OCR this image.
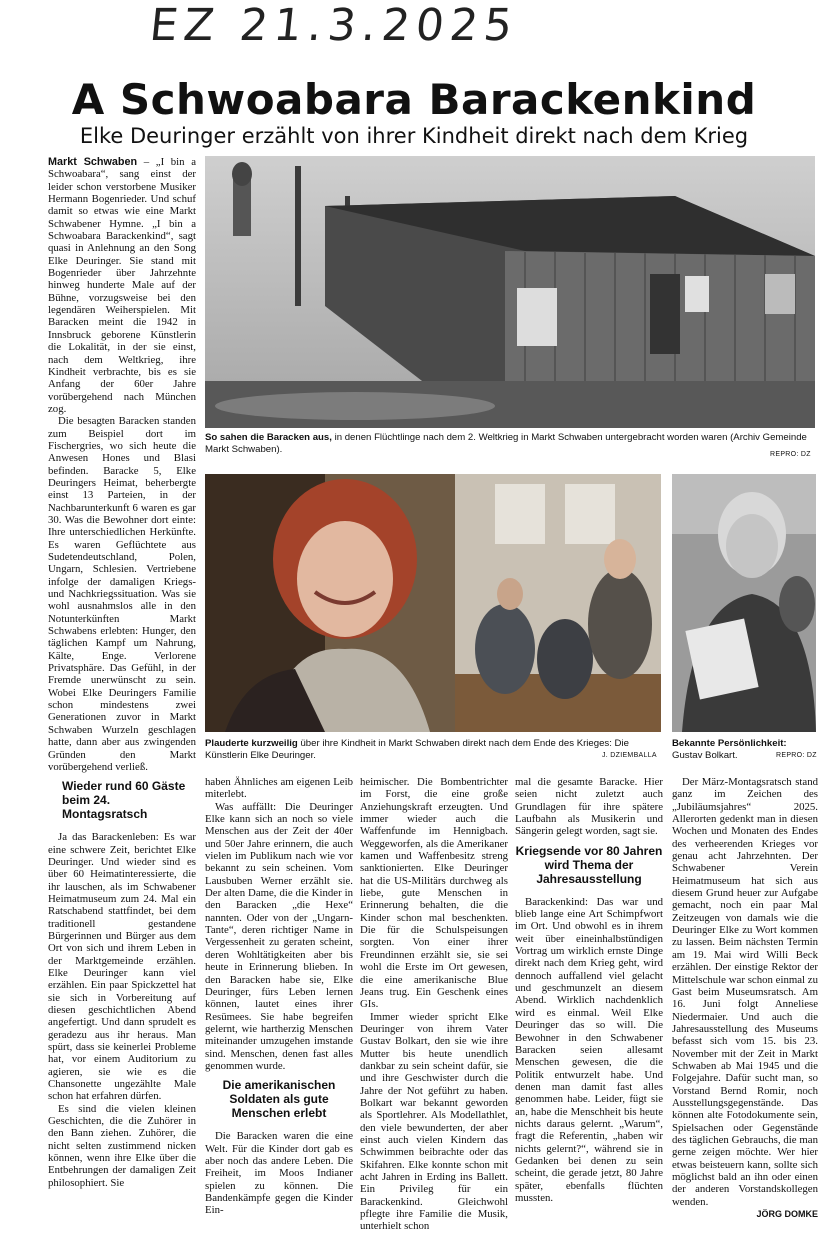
EZ 21.3.2025
A Schwoabara Barackenkind
Elke Deuringer erzählt von ihrer Kindheit direkt nach dem Krieg

Markt Schwaben – „I bin a Schwoabara“, sang einst der leider schon verstorbene Musiker Hermann Bogenrieder. Und schuf damit so etwas wie eine Markt Schwabener Hymne. „I bin a Schwoabara Barackenkind“, sagt quasi in Anlehnung an den Song Elke Deuringer. Sie stand mit Bogenrieder über Jahrzehnte hinweg hunderte Male auf der Bühne, vorzugsweise bei den legendären Weiherspielen. Mit Baracken meint die 1942 in Innsbruck geborene Künstlerin die Lokalität, in der sie einst, nach dem Weltkrieg, ihre Kindheit verbrachte, bis es sie Anfang der 60er Jahre vorübergehend nach München zog.

Die besagten Baracken standen zum Beispiel dort im Fischergries, wo sich heute die Anwesen Hones und Blasi befinden. Baracke 5, Elke Deuringers Heimat, beherbergte einst 13 Parteien, in der Nachbarunterkunft 6 waren es gar 30. Was die Bewohner dort einte: Ihre unterschiedlichen Herkünfte. Es waren Geflüchtete aus Sudetendeutschland, Polen, Ungarn, Schlesien. Vertriebene infolge der damaligen Kriegs- und Nachkriegssituation. Was sie wohl ausnahmslos alle in den Notunterkünften Markt Schwabens erlebten: Hunger, den täglichen Kampf um Nahrung, Kälte, Enge. Verlorene Privatsphäre. Das Gefühl, in der Fremde unerwünscht zu sein. Wobei Elke Deuringers Familie schon mindestens zwei Generationen zuvor in Markt Schwaben Wurzeln geschlagen hatte, dann aber aus zwingenden Gründen den Markt vorübergehend verließ.

Wieder rund 60 Gäste beim 24. Montagsratsch

Ja das Barackenleben: Es war eine schwere Zeit, berichtet Elke Deuringer. Und wieder sind es über 60 Heimatinteressierte, die ihr lauschen, als im Schwabener Heimatmuseum zum 24. Mal ein Ratschabend stattfindet, bei dem traditionell gestandene Bürgerinnen und Bürger aus dem Ort von sich und ihrem Leben in der Marktgemeinde erzählen. Elke Deuringer kann viel erzählen. Ein paar Spickzettel hat sie sich in Vorbereitung auf diesen geschichtlichen Abend angefertigt. Und dann sprudelt es geradezu aus ihr heraus. Man spürt, dass sie keinerlei Probleme hat, vor einem Auditorium zu agieren, sie wie es die Chansonette ungezählte Male schon hat erfahren dürfen.

Es sind die vielen kleinen Geschichten, die die Zuhörer in den Bann ziehen. Zuhörer, die nicht selten zustimmend nicken können, wenn ihre Elke über die Entbehrungen der damaligen Zeit philosophiert. Sie

So sahen die Baracken aus, in denen Flüchtlinge nach dem 2. Weltkrieg in Markt Schwaben untergebracht worden waren (Archiv Gemeinde Markt Schwaben).	REPRO: DZ
Plauderte kurzweilig über ihre Kindheit in Markt Schwaben direkt nach dem Ende des Krieges: Die Künstlerin Elke Deuringer.	J. DZIEMBALLA
Bekannte Persönlichkeit: Gustav Bolkart.	REPRO: DZ

haben Ähnliches am eigenen Leib miterlebt.

Was auffällt: Die Deuringer Elke kann sich an noch so viele Menschen aus der Zeit der 40er und 50er Jahre erinnern, die auch vielen im Publikum nach wie vor bekannt zu sein scheinen. Vom Lausbuben Werner erzählt sie. Der alten Dame, die die Kinder in den Baracken „die Hexe“ nannten. Oder von der „Ungarn-Tante“, deren richtiger Name in Vergessenheit zu geraten scheint, deren Wohltätigkeiten aber bis heute in Erinnerung blieben. In den Baracken habe sie, Elke Deuringer, fürs Leben lernen können, lautet eines ihrer Resümees. Sie habe begreifen gelernt, wie hartherzig Menschen miteinander umzugehen imstande sind. Menschen, denen fast alles genommen wurde.

Die amerikanischen Soldaten als gute Menschen erlebt

Die Baracken waren die eine Welt. Für die Kinder dort gab es aber noch das andere Leben. Die Freiheit, im Moos Indianer spielen zu können. Die Bandenkämpfe gegen die Kinder Ein-

heimischer. Die Bombentrichter im Forst, die eine große Anziehungskraft erzeugten. Und immer wieder auch die Waffenfunde im Hennigbach. Weggeworfen, als die Amerikaner kamen und Waffenbesitz streng sanktionierten. Elke Deuringer hat die US-Militärs durchweg als liebe, gute Menschen in Erinnerung behalten, die die Kinder schon mal beschenkten. Die für die Schulspeisungen sorgten. Von einer ihrer Freundinnen erzählt sie, sie sei wohl die Erste im Ort gewesen, die eine amerikanische Blue Jeans trug. Ein Geschenk eines GIs.

Immer wieder spricht Elke Deuringer von ihrem Vater Gustav Bolkart, den sie wie ihre Mutter bis heute unendlich dankbar zu sein scheint dafür, sie und ihre Geschwister durch die Jahre der Not geführt zu haben. Bolkart war bekannt geworden als Sportlehrer. Als Modellathlet, den viele bewunderten, der aber einst auch vielen Kindern das Schwimmen beibrachte oder das Skifahren. Elke konnte schon mit acht Jahren in Erding ins Ballett. Ein Privileg für ein Barackenkind. Gleichwohl pflegte ihre Familie die Musik, unterhielt schon

mal die gesamte Baracke. Hier seien nicht zuletzt auch Grundlagen für ihre spätere Laufbahn als Musikerin und Sängerin gelegt worden, sagt sie.

Kriegsende vor 80 Jahren wird Thema der Jahresausstellung

Barackenkind: Das war und blieb lange eine Art Schimpfwort im Ort. Und obwohl es in ihrem weit über eineinhalbstündigen Vortrag um wirklich ernste Dinge direkt nach dem Krieg geht, wird dennoch auffallend viel gelacht und geschmunzelt an diesem Abend. Wirklich nachdenklich wird es einmal. Weil Elke Deuringer das so will. Die Bewohner in den Schwabener Baracken seien allesamt Menschen gewesen, die die Politik entwurzelt habe. Und denen man damit fast alles genommen habe. Leider, fügt sie an, habe die Menschheit bis heute nichts daraus gelernt. „Warum“, fragt die Referentin, „haben wir nichts gelernt?“, während sie in Gedanken bei denen zu sein scheint, die gerade jetzt, 80 Jahre später, ebenfalls flüchten mussten.

Der März-Montagsratsch stand ganz im Zeichen des „Jubiläumsjahres“ 2025. Allerorten gedenkt man in diesen Wochen und Monaten des Endes des verheerenden Krieges vor genau acht Jahrzehnten. Der Schwabener Verein Heimatmuseum hat sich aus diesem Grund heuer zur Aufgabe gemacht, noch ein paar Mal Zeitzeugen von damals wie die Deuringer Elke zu Wort kommen zu lassen. Beim nächsten Termin am 19. Mai wird Willi Beck erzählen. Der einstige Rektor der Mittelschule war schon einmal zu Gast beim Museumsratsch. Am 16. Juni folgt Anneliese Niedermaier. Und auch die Jahresausstellung des Museums befasst sich vom 15. bis 23. November mit der Zeit in Markt Schwaben ab Mai 1945 und die Folgejahre. Dafür sucht man, so Vorstand Bernd Romir, noch Ausstellungsgegenstände. Das können alte Fotodokumente sein, Spielsachen oder Gegenstände des täglichen Gebrauchs, die man gerne zeigen möchte. Wer hier etwas beisteuern kann, sollte sich möglichst bald an ihn oder einen der anderen Vorstandskollegen wenden.

JÖRG DOMKE
